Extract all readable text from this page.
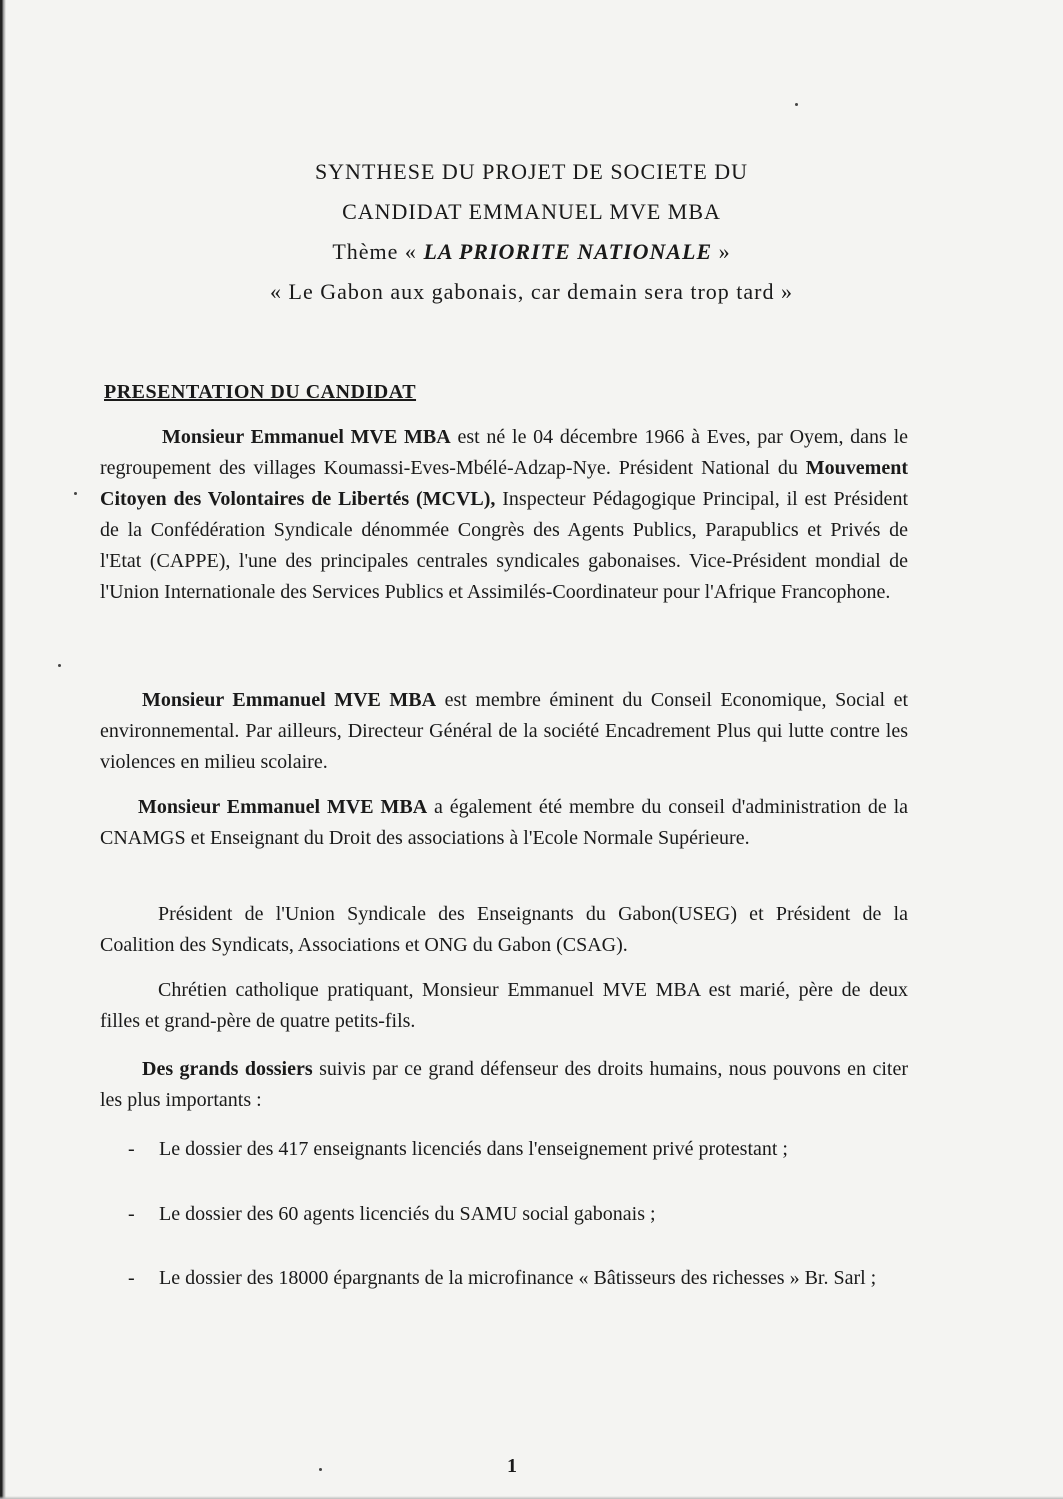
SYNTHESE DU PROJET DE SOCIETE DU
CANDIDAT EMMANUEL MVE MBA
Thème « LA PRIORITE NATIONALE »
« Le Gabon aux gabonais, car demain sera trop tard »
PRESENTATION DU CANDIDAT

Monsieur Emmanuel MVE MBA est né le 04 décembre 1966 à Eves, par Oyem, dans le regroupement des villages Koumassi-Eves-Mbélé-Adzap-Nye. Président National du Mouvement Citoyen des Volontaires de Libertés (MCVL), Inspecteur Pédagogique Principal, il est Président de la Confédération Syndicale dénommée Congrès des Agents Publics, Parapublics et Privés de l'Etat (CAPPE), l'une des principales centrales syndicales gabonaises. Vice-Président mondial de l'Union Internationale des Services Publics et Assimilés-Coordinateur pour l'Afrique Francophone.

Monsieur Emmanuel MVE MBA est membre éminent du Conseil Economique, Social et environnemental. Par ailleurs, Directeur Général de la société Encadrement Plus qui lutte contre les violences en milieu scolaire.

Monsieur Emmanuel MVE MBA a également été membre du conseil d'administration de la CNAMGS et Enseignant du Droit des associations à l'Ecole Normale Supérieure.

Président de l'Union Syndicale des Enseignants du Gabon(USEG) et Président de la Coalition des Syndicats, Associations et ONG du Gabon (CSAG).

Chrétien catholique pratiquant, Monsieur Emmanuel MVE MBA est marié, père de deux filles et grand-père de quatre petits-fils.

Des grands dossiers suivis par ce grand défenseur des droits humains, nous pouvons en citer les plus importants :

-	Le dossier des 417 enseignants licenciés dans l'enseignement privé protestant ;
-	Le dossier des 60 agents licenciés du SAMU social gabonais ;
-	Le dossier des 18000 épargnants de la microfinance « Bâtisseurs des richesses » Br. Sarl ;
1
